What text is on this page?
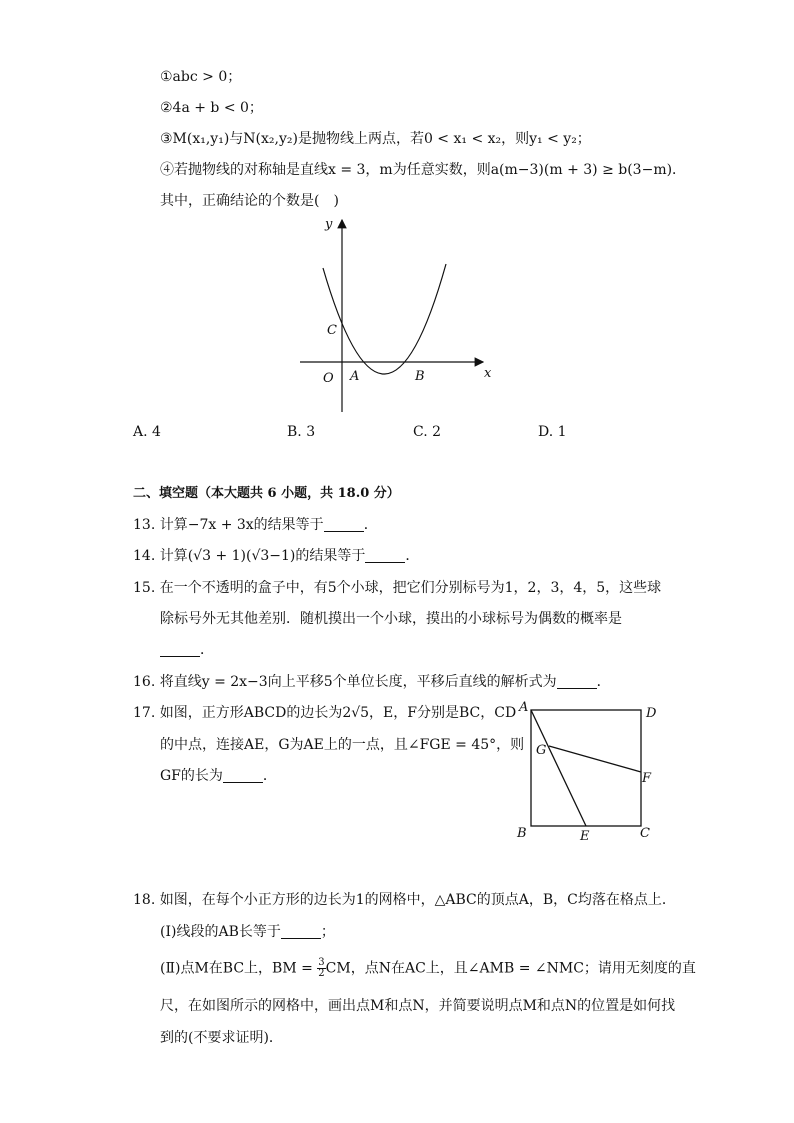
①abc > 0；
②4a + b < 0；
③M(x₁,y₁)与N(x₂,y₂)是抛物线上两点，若0 < x₁ < x₂，则y₁ < y₂；
④若抛物线的对称轴是直线x = 3，m为任意实数，则a(m−3)(m + 3) ≥ b(3−m)．
其中，正确结论的个数是(　)
y
x
C
O A	B
A. 4	B. 3	C. 2	D. 1
二、填空题（本大题共 6 小题，共 18.0 分）
13. 计算−7x + 3x的结果等于	．
14. 计算(√3 + 1)(√3−1)的结果等于	．
15. 在一个不透明的盒子中，有5个小球，把它们分别标号为1，2，3，4，5，这些球
除标号外无其他差别．随机摸出一个小球，摸出的小球标号为偶数的概率是
．
16. 将直线y = 2x−3向上平移5个单位长度，平移后直线的解析式为	．
17. 如图，正方形ABCD的边长为2√5，E，F分别是BC，CD
的中点，连接AE，G为AE上的一点，且∠FGE = 45°，则
GF的长为	．
A	D
G
F
B	E	C
18. 如图，在每个小正方形的边长为1的网格中，△ABC的顶点A，B，C均落在格点上．
(Ⅰ)线段的AB长等于	；
(Ⅱ)点M在BC上，BM = $\frac{3}{2}$ CM，点N在AC上，且∠AMB = ∠NMC；请用无刻度的直
尺，在如图所示的网格中，画出点M和点N，并简要说明点M和点N的位置是如何找
到的(不要求证明)．
